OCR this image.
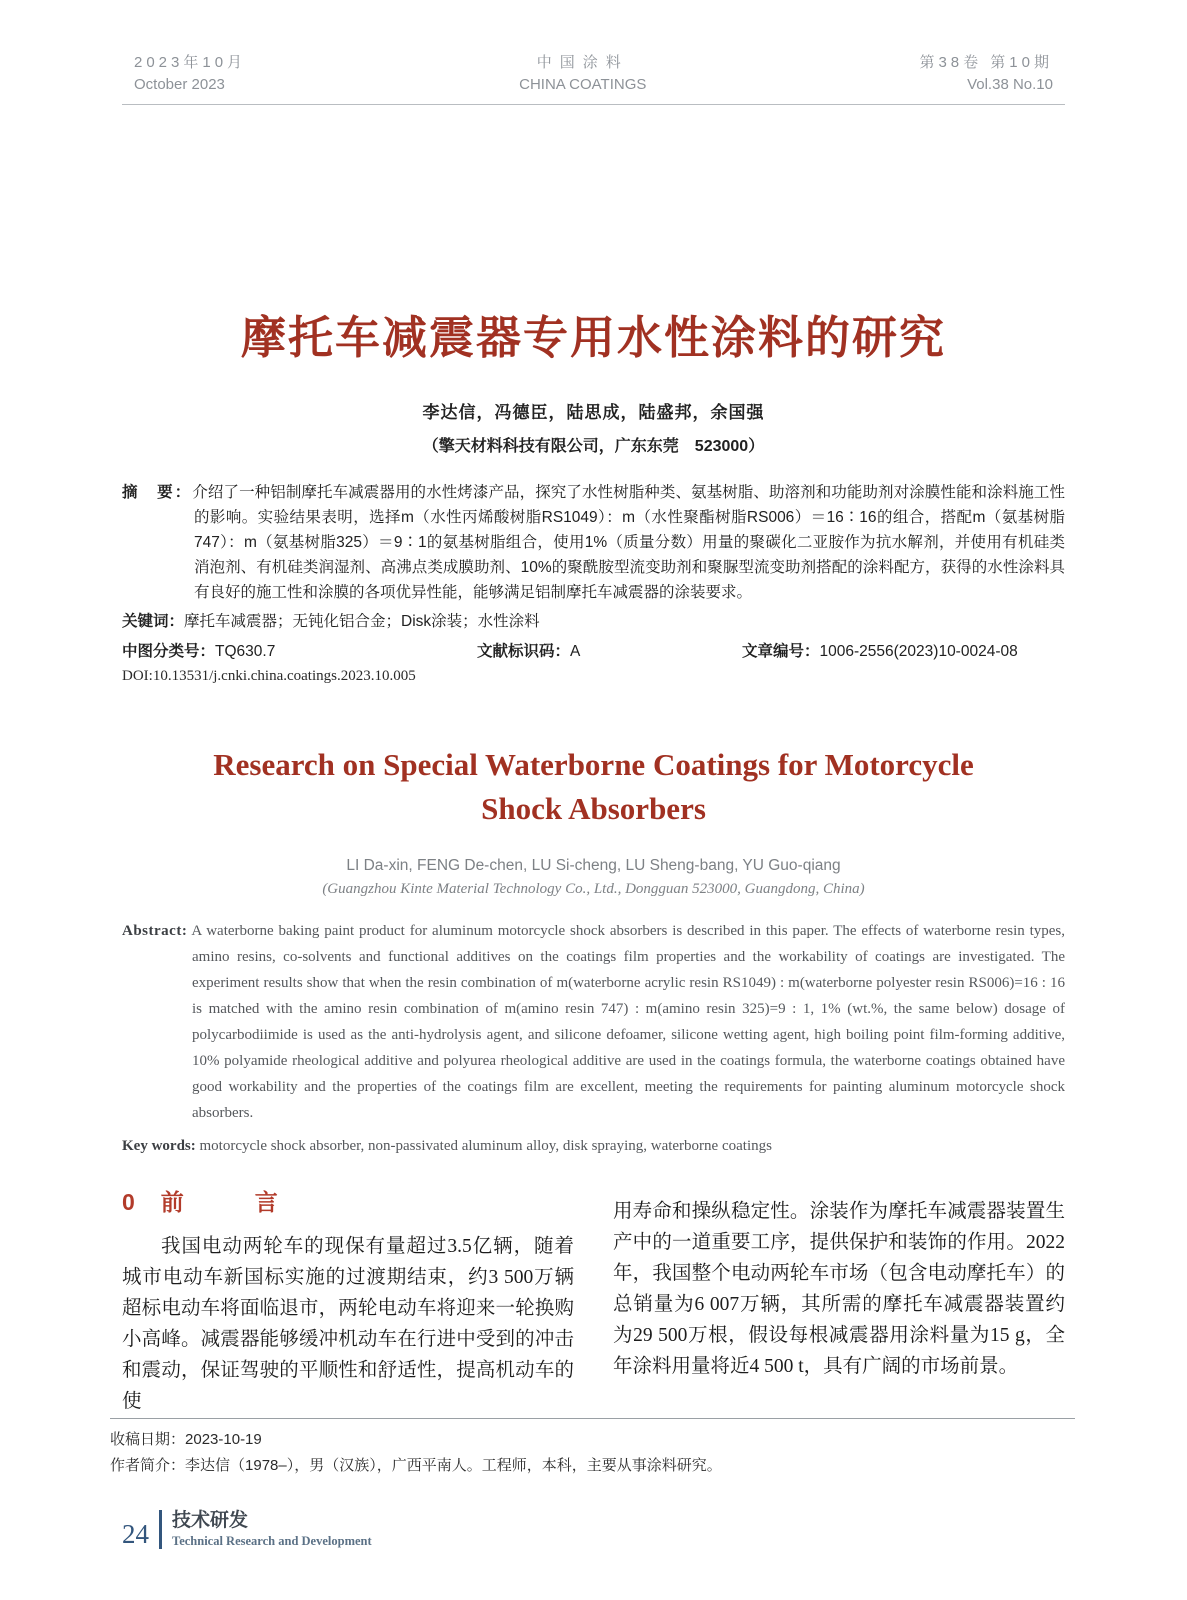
2023年10月
October 2023
中国涂料
CHINA COATINGS
第38卷 第10期
Vol.38 No.10
摩托车减震器专用水性涂料的研究
李达信，冯德臣，陆思成，陆盛邦，余国强
（擎天材料科技有限公司，广东东莞　523000）

摘　要：介绍了一种铝制摩托车减震器用的水性烤漆产品，探究了水性树脂种类、氨基树脂、助溶剂和功能助剂对涂膜性能和涂料施工性的影响。实验结果表明，选择m（水性丙烯酸树脂RS1049）：m（水性聚酯树脂RS006）＝16∶16的组合，搭配m（氨基树脂747）：m（氨基树脂325）＝9∶1的氨基树脂组合，使用1%（质量分数）用量的聚碳化二亚胺作为抗水解剂，并使用有机硅类消泡剂、有机硅类润湿剂、高沸点类成膜助剂、10%的聚酰胺型流变助剂和聚脲型流变助剂搭配的涂料配方，获得的水性涂料具有良好的施工性和涂膜的各项优异性能，能够满足铝制摩托车减震器的涂装要求。

关键词：摩托车减震器；无钝化铝合金；Disk涂装；水性涂料

中图分类号：TQ630.7	文献标识码：A	文章编号：1006-2556(2023)10-0024-08
DOI:10.13531/j.cnki.china.coatings.2023.10.005
Research on Special Waterborne Coatings for Motorcycle
Shock Absorbers
LI Da-xin, FENG De-chen, LU Si-cheng, LU Sheng-bang, YU Guo-qiang
(Guangzhou Kinte Material Technology Co., Ltd., Dongguan 523000, Guangdong, China)

Abstract: A waterborne baking paint product for aluminum motorcycle shock absorbers is described in this paper. The effects of waterborne resin types, amino resins, co-solvents and functional additives on the coatings film properties and the workability of coatings are investigated. The experiment results show that when the resin combination of m(waterborne acrylic resin RS1049) : m(waterborne polyester resin RS006)=16 : 16 is matched with the amino resin combination of m(amino resin 747) : m(amino resin 325)=9 : 1, 1% (wt.%, the same below) dosage of polycarbodiimide is used as the anti-hydrolysis agent, and silicone defoamer, silicone wetting agent, high boiling point film-forming additive, 10% polyamide rheological additive and polyurea rheological additive are used in the coatings formula, the waterborne coatings obtained have good workability and the properties of the coatings film are excellent, meeting the requirements for painting aluminum motorcycle shock absorbers.

Key words: motorcycle shock absorber, non-passivated aluminum alloy, disk spraying, waterborne coatings

0 前　言

我国电动两轮车的现保有量超过3.5亿辆，随着城市电动车新国标实施的过渡期结束，约3 500万辆超标电动车将面临退市，两轮电动车将迎来一轮换购小高峰。减震器能够缓冲机动车在行进中受到的冲击和震动，保证驾驶的平顺性和舒适性，提高机动车的使

用寿命和操纵稳定性。涂装作为摩托车减震器装置生产中的一道重要工序，提供保护和装饰的作用。2022年，我国整个电动两轮车市场（包含电动摩托车）的总销量为6 007万辆，其所需的摩托车减震器装置约为29 500万根，假设每根减震器用涂料量为15 g，全年涂料用量将近4 500 t，具有广阔的市场前景。

收稿日期：2023-10-19
作者简介：李达信（1978–），男（汉族），广西平南人。工程师，本科，主要从事涂料研究。
24 技术研发
Technical Research and Development
